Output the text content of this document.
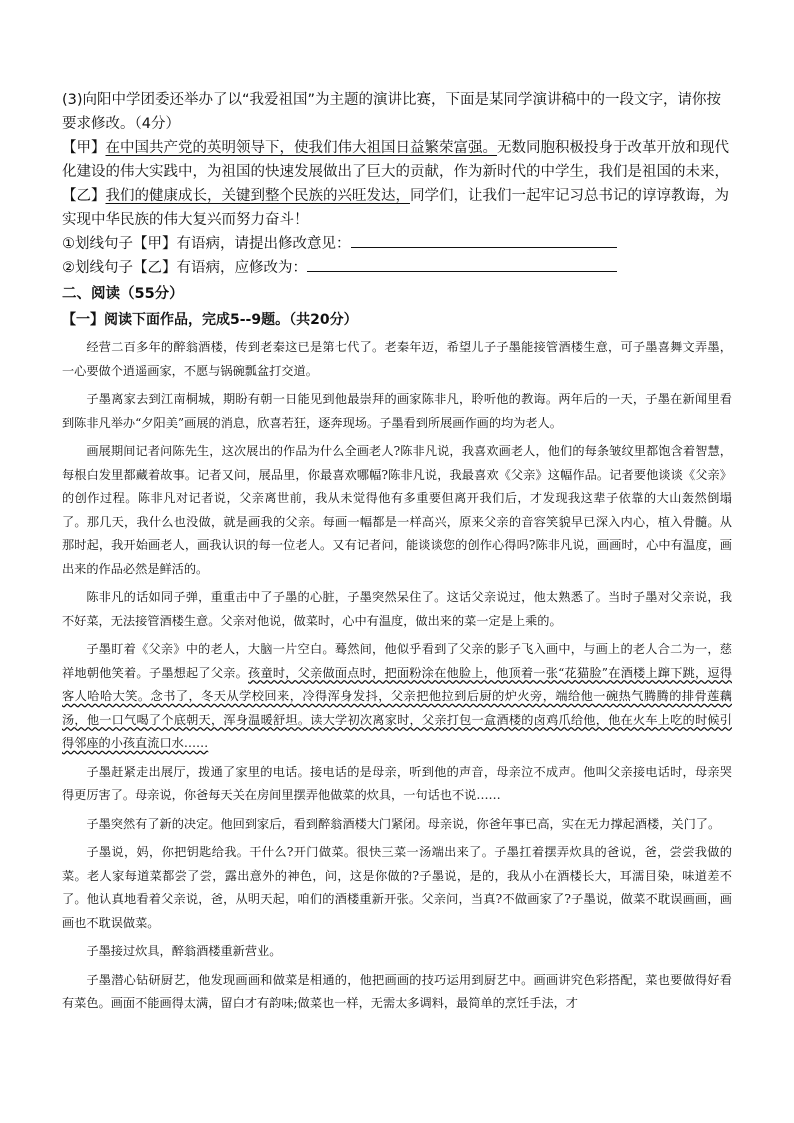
(3)向阳中学团委还举办了以“我爱祖国”为主题的演讲比赛，下面是某同学演讲稿中的一段文字，请你按要求修改。（4分）

【甲】在中国共产党的英明领导下，使我们伟大祖国日益繁荣富强。无数同胞积极投身于改革开放和现代化建设的伟大实践中，为祖国的快速发展做出了巨大的贡献，作为新时代的中学生，我们是祖国的未来，【乙】我们的健康成长，关键到整个民族的兴旺发达，同学们，让我们一起牢记习总书记的谆谆教诲，为实现中华民族的伟大复兴而努力奋斗！

①划线句子【甲】有语病，请提出修改意见：

②划线句子【乙】有语病，应修改为：

二、阅读（55分）
【一】阅读下面作品，完成5--9题。（共20分）

经营二百多年的醉翁酒楼，传到老秦这已是第七代了。老秦年迈，希望儿子子墨能接管酒楼生意，可子墨喜舞文弄墨，一心要做个逍遥画家，不愿与锅碗瓢盆打交道。

子墨离家去到江南桐城，期盼有朝一日能见到他最崇拜的画家陈非凡，聆听他的教诲。两年后的一天，子墨在新闻里看到陈非凡举办“夕阳美”画展的消息，欣喜若狂，逐奔现场。子墨看到所展画作画的均为老人。

画展期间记者问陈先生，这次展出的作品为什么全画老人?陈非凡说，我喜欢画老人，他们的每条皱纹里都饱含着智慧，每根白发里都藏着故事。记者又问，展品里，你最喜欢哪幅?陈非凡说，我最喜欢《父亲》这幅作品。记者要他谈谈《父亲》的创作过程。陈非凡对记者说，父亲离世前，我从未觉得他有多重要但离开我们后，才发现我这辈子依靠的大山轰然倒塌了。那几天，我什么也没做，就是画我的父亲。每画一幅都是一样高兴，原来父亲的音容笑貌早已深入内心，植入骨髓。从那时起，我开始画老人，画我认识的每一位老人。又有记者问，能谈谈您的创作心得吗?陈非凡说，画画时，心中有温度，画出来的作品必然是鲜活的。

陈非凡的话如同子弹，重重击中了子墨的心脏，子墨突然呆住了。这话父亲说过，他太熟悉了。当时子墨对父亲说，我不好菜，无法接管酒楼生意。父亲对他说，做菜时，心中有温度，做出来的菜一定是上乘的。

子墨盯着《父亲》中的老人，大脑一片空白。蓦然间，他似乎看到了父亲的影子飞入画中，与画上的老人合二为一，慈祥地朝他笑着。子墨想起了父亲。孩童时，父亲做面点时，把面粉涂在他脸上，他顶着一张“花猫脸”在酒楼上蹿下跳，逗得客人哈哈大笑。念书了，冬天从学校回来，冷得浑身发抖，父亲把他拉到后厨的炉火旁，端给他一碗热气腾腾的排骨莲藕汤，他一口气喝了个底朝天，浑身温暖舒坦。读大学初次离家时，父亲打包一盒酒楼的卤鸡爪给他，他在火车上吃的时候引得邻座的小孩直流口水……

子墨赶紧走出展厅，拨通了家里的电话。接电话的是母亲，听到他的声音，母亲泣不成声。他叫父亲接电话时，母亲哭得更厉害了。母亲说，你爸每天关在房间里摆弄他做菜的炊具，一句话也不说……

子墨突然有了新的决定。他回到家后，看到醉翁酒楼大门紧闭。母亲说，你爸年事已高，实在无力撑起酒楼，关门了。

子墨说，妈，你把钥匙给我。干什么?开门做菜。很快三菜一汤端出来了。子墨扛着摆弄炊具的爸说，爸，尝尝我做的菜。老人家每道菜都尝了尝，露出意外的神色，问，这是你做的?子墨说，是的，我从小在酒楼长大，耳濡目染，味道差不了。他认真地看着父亲说，爸，从明天起，咱们的酒楼重新开张。父亲问，当真?不做画家了?子墨说，做菜不耽误画画，画画也不耽误做菜。

子墨接过炊具，醉翁酒楼重新营业。

子墨潜心钻研厨艺，他发现画画和做菜是相通的，他把画画的技巧运用到厨艺中。画画讲究色彩搭配，菜也要做得好看有菜色。画面不能画得太满，留白才有韵味;做菜也一样，无需太多调料，最简单的烹饪手法，才
